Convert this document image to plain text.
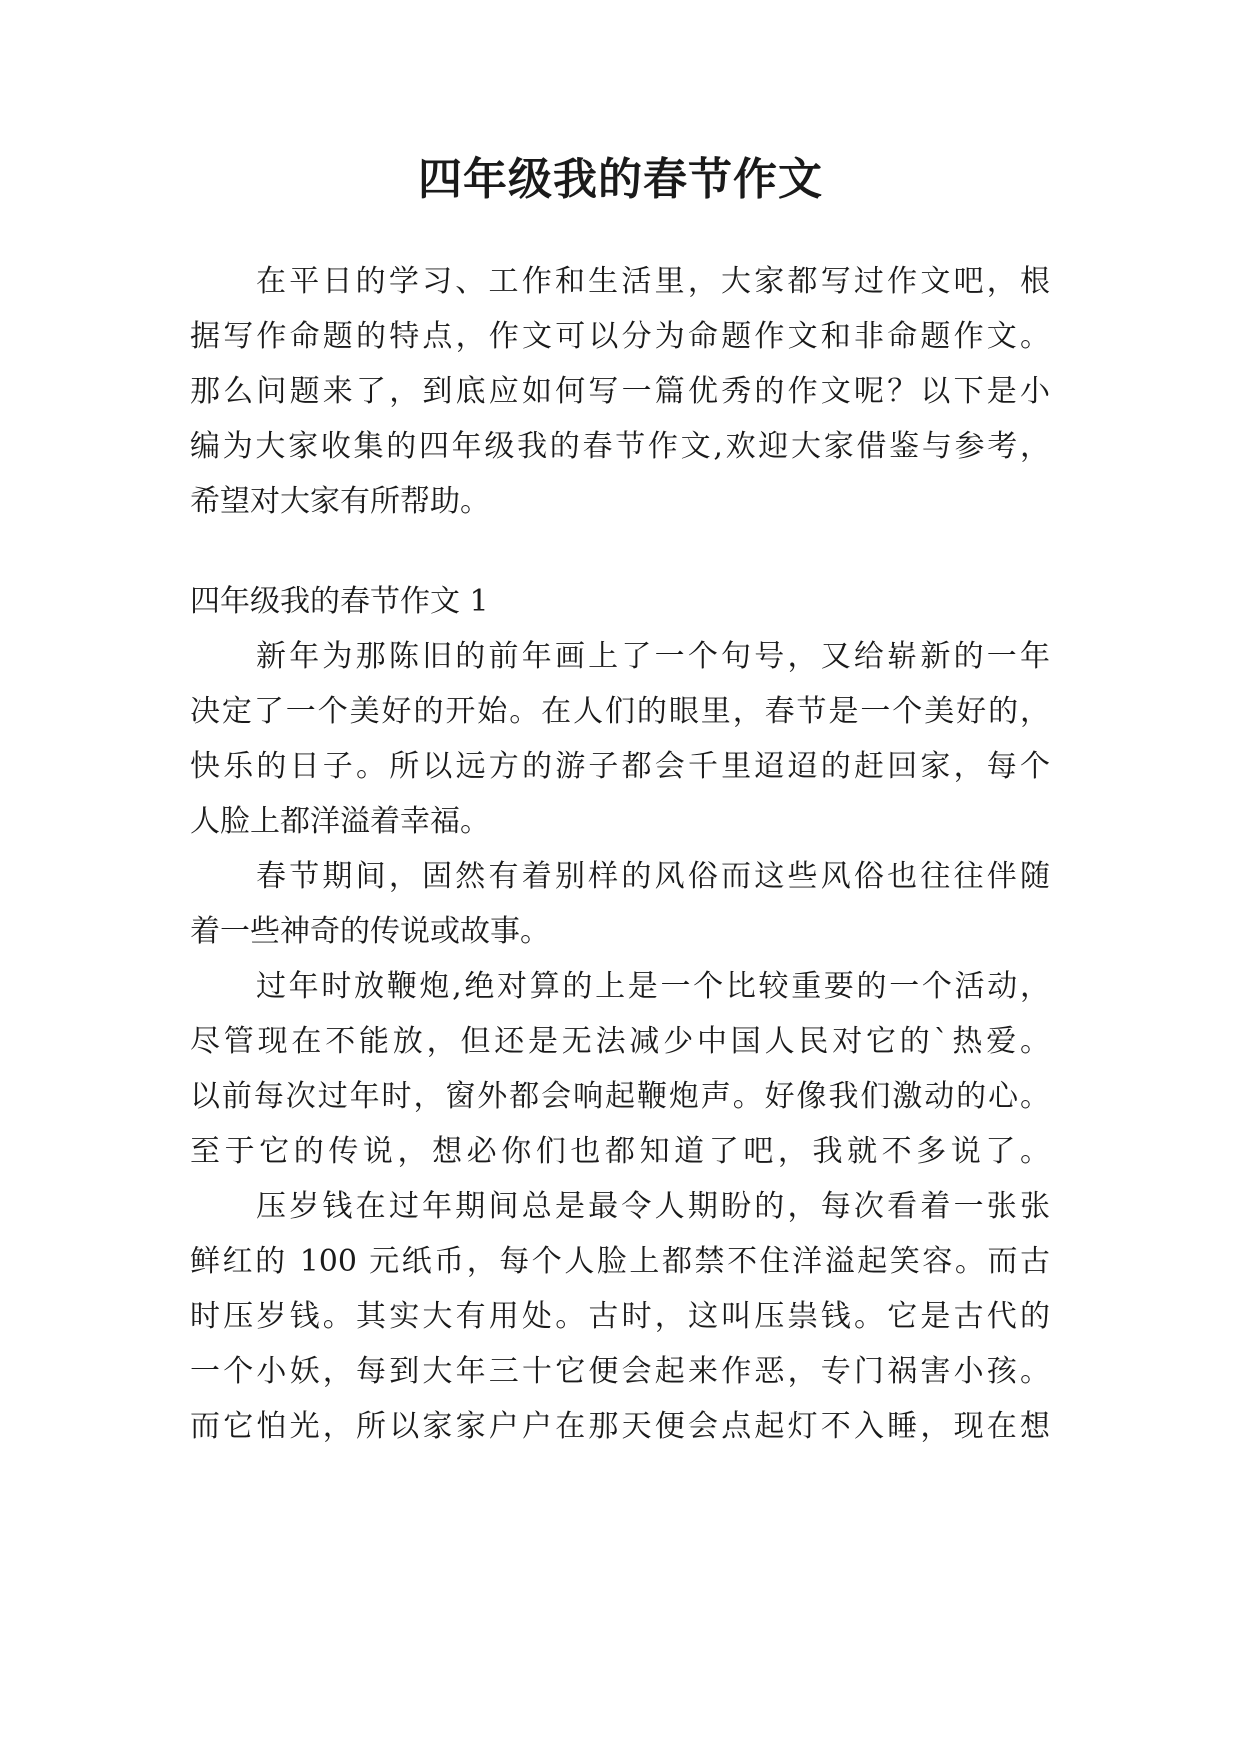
四年级我的春节作文

在平日的学习、工作和生活里，大家都写过作文吧，根

据写作命题的特点，作文可以分为命题作文和非命题作文。

那么问题来了，到底应如何写一篇优秀的作文呢？以下是小

编为大家收集的四年级我的春节作文,欢迎大家借鉴与参考，

希望对大家有所帮助。

四年级我的春节作文 1

新年为那陈旧的前年画上了一个句号，又给崭新的一年

决定了一个美好的开始。在人们的眼里，春节是一个美好的，

快乐的日子。所以远方的游子都会千里迢迢的赶回家，每个

人脸上都洋溢着幸福。

春节期间，固然有着别样的风俗而这些风俗也往往伴随

着一些神奇的传说或故事。

过年时放鞭炮,绝对算的上是一个比较重要的一个活动，

尽管现在不能放，但还是无法减少中国人民对它的`热爱。

以前每次过年时，窗外都会响起鞭炮声。好像我们激动的心。

至于它的传说，想必你们也都知道了吧，我就不多说了。

压岁钱在过年期间总是最令人期盼的，每次看着一张张

鲜红的 100 元纸币，每个人脸上都禁不住洋溢起笑容。而古

时压岁钱。其实大有用处。古时，这叫压祟钱。它是古代的

一个小妖，每到大年三十它便会起来作恶，专门祸害小孩。

而它怕光，所以家家户户在那天便会点起灯不入睡，现在想
